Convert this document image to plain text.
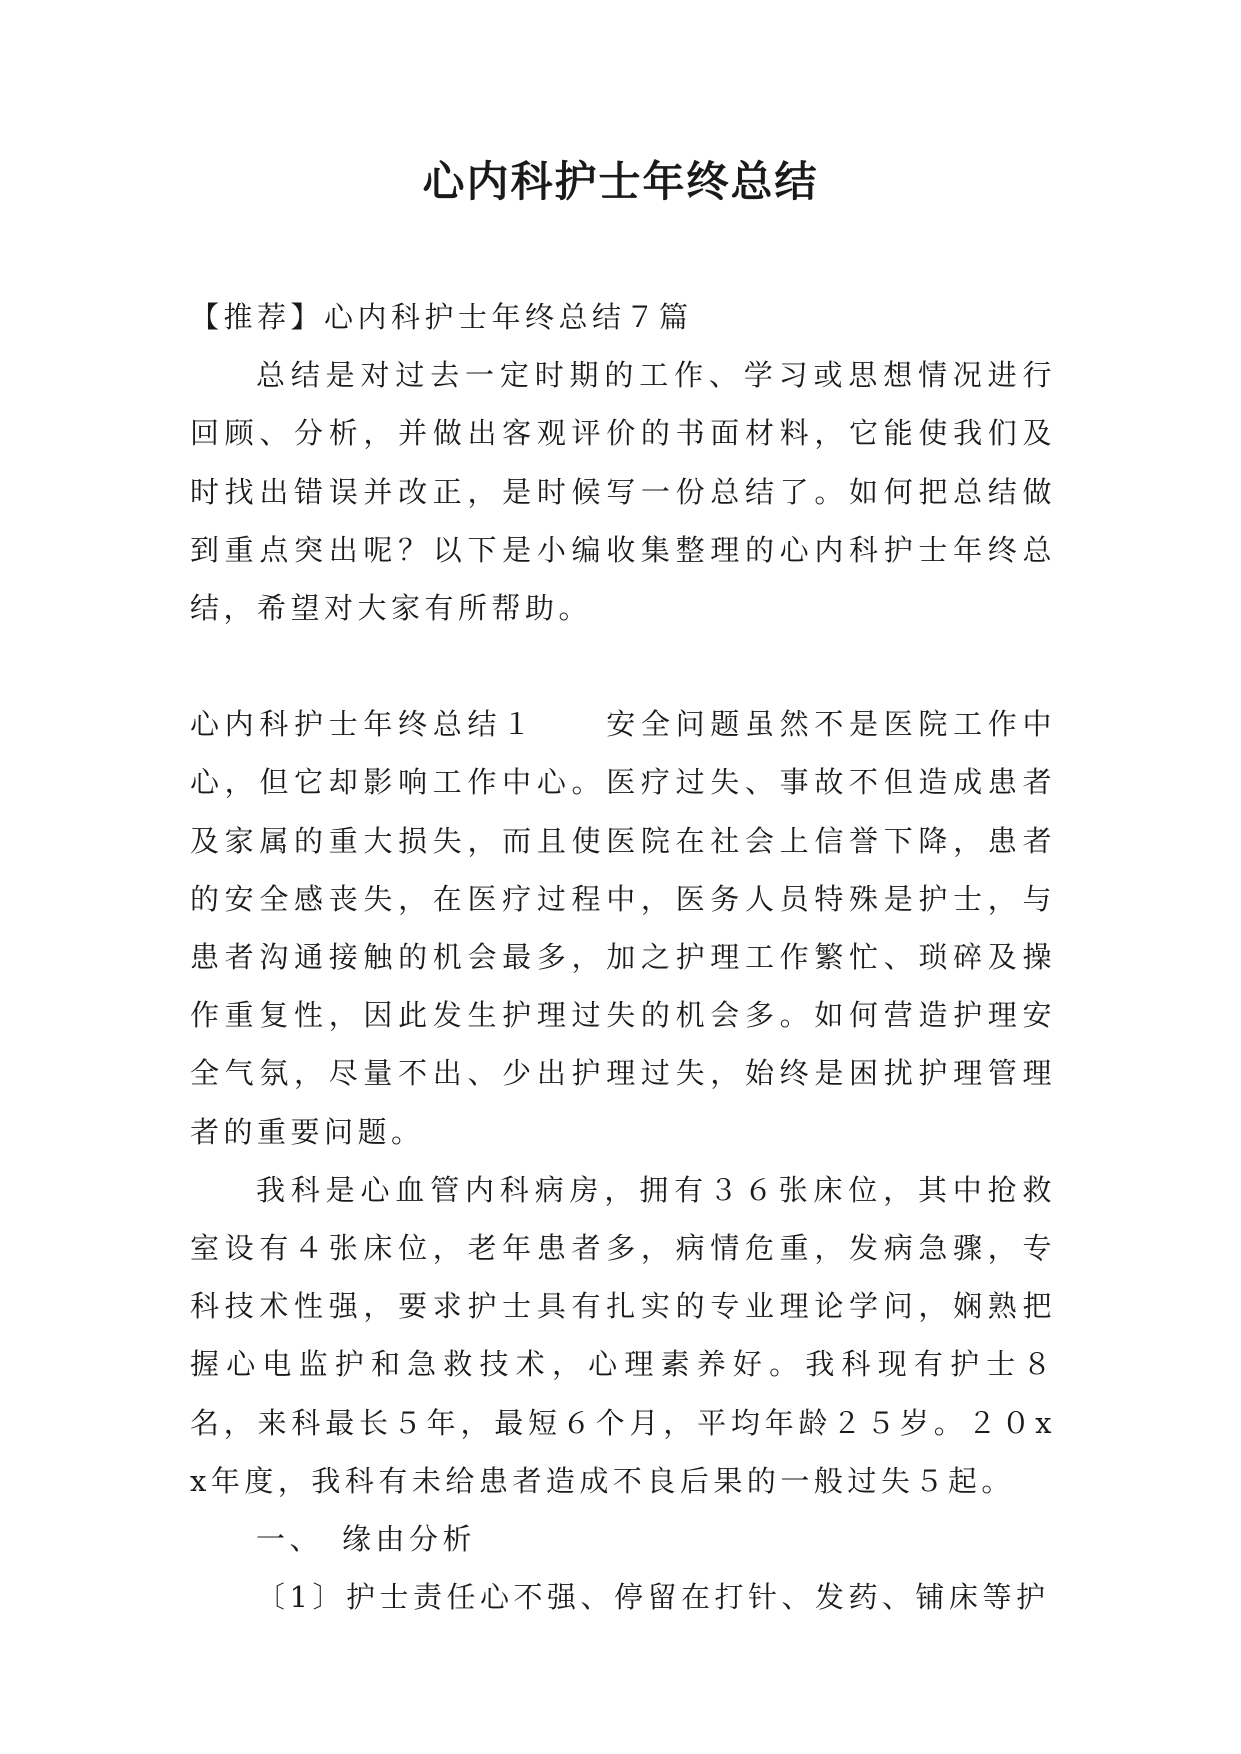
心内科护士年终总结

【推荐】心内科护士年终总结７篇

总结是对过去一定时期的工作、学习或思想情况进行回顾、分析，并做出客观评价的书面材料，它能使我们及时找出错误并改正，是时候写一份总结了。如何把总结做到重点突出呢？以下是小编收集整理的心内科护士年终总结，希望对大家有所帮助。

心内科护士年终总结１　　 安全问题虽然不是医院工作中心，但它却影响工作中心。医疗过失、事故不但造成患者及家属的重大损失，而且使医院在社会上信誉下降，患者的安全感丧失，在医疗过程中，医务人员特殊是护士，与患者沟通接触的机会最多，加之护理工作繁忙、琐碎及操作重复性，因此发生护理过失的机会多。如何营造护理安全气氛，尽量不出、少出护理过失，始终是困扰护理管理者的重要问题。

我科是心血管内科病房，拥有３６张床位，其中抢救室设有４张床位，老年患者多，病情危重，发病急骤，专科技术性强，要求护士具有扎实的专业理论学问，娴熟把握心电监护和急救技术，心理素养好。我科现有护士８名，来科最长５年，最短６个月，平均年龄２５岁。２０xx年度，我科有未给患者造成不良后果的一般过失５起。

一、　缘由分析

〔1〕护士责任心不强、停留在打针、发药、铺床等护
